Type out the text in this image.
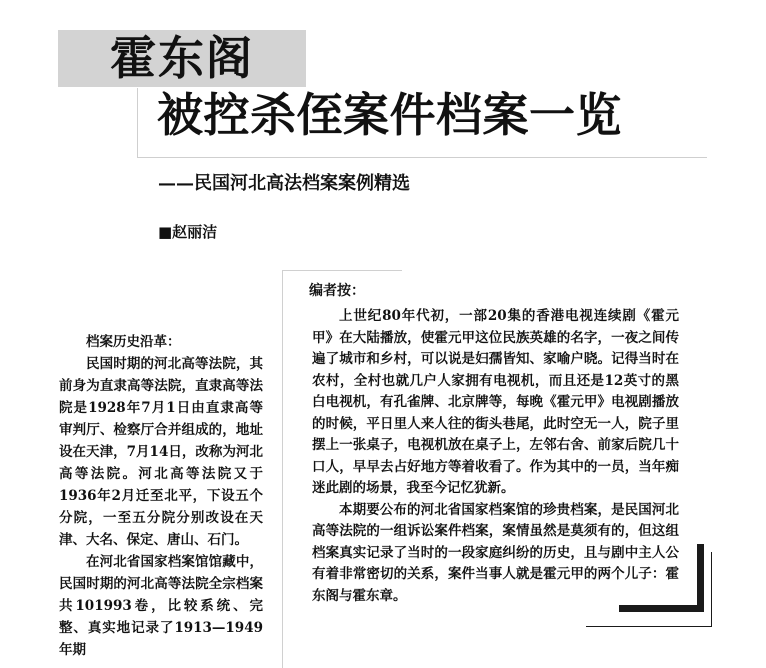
霍东阁
被控杀侄案件档案一览
——民国河北高法档案案例精选
■赵丽洁

档案历史沿革：

民国时期的河北高等法院，其前身为直隶高等法院，直隶高等法院是1928年7月1日由直隶高等审判厅、检察厅合并组成的，地址设在天津，7月14日，改称为河北高等法院。河北高等法院又于1936年2月迁至北平，下设五个分院，一至五分院分别改设在天津、大名、保定、唐山、石门。

在河北省国家档案馆馆藏中，民国时期的河北高等法院全宗档案共101993卷，比较系统、完整、真实地记录了1913—1949年期

编者按：

上世纪80年代初，一部20集的香港电视连续剧《霍元甲》在大陆播放，使霍元甲这位民族英雄的名字，一夜之间传遍了城市和乡村，可以说是妇孺皆知、家喻户晓。记得当时在农村，全村也就几户人家拥有电视机，而且还是12英寸的黑白电视机，有孔雀牌、北京牌等，每晚《霍元甲》电视剧播放的时候，平日里人来人往的街头巷尾，此时空无一人，院子里摆上一张桌子，电视机放在桌子上，左邻右舍、前家后院几十口人，早早去占好地方等着收看了。作为其中的一员，当年痴迷此剧的场景，我至今记忆犹新。

本期要公布的河北省国家档案馆的珍贵档案，是民国河北高等法院的一组诉讼案件档案，案情虽然是莫须有的，但这组档案真实记录了当时的一段家庭纠纷的历史，且与剧中主人公有着非常密切的关系，案件当事人就是霍元甲的两个儿子：霍东阁与霍东章。
